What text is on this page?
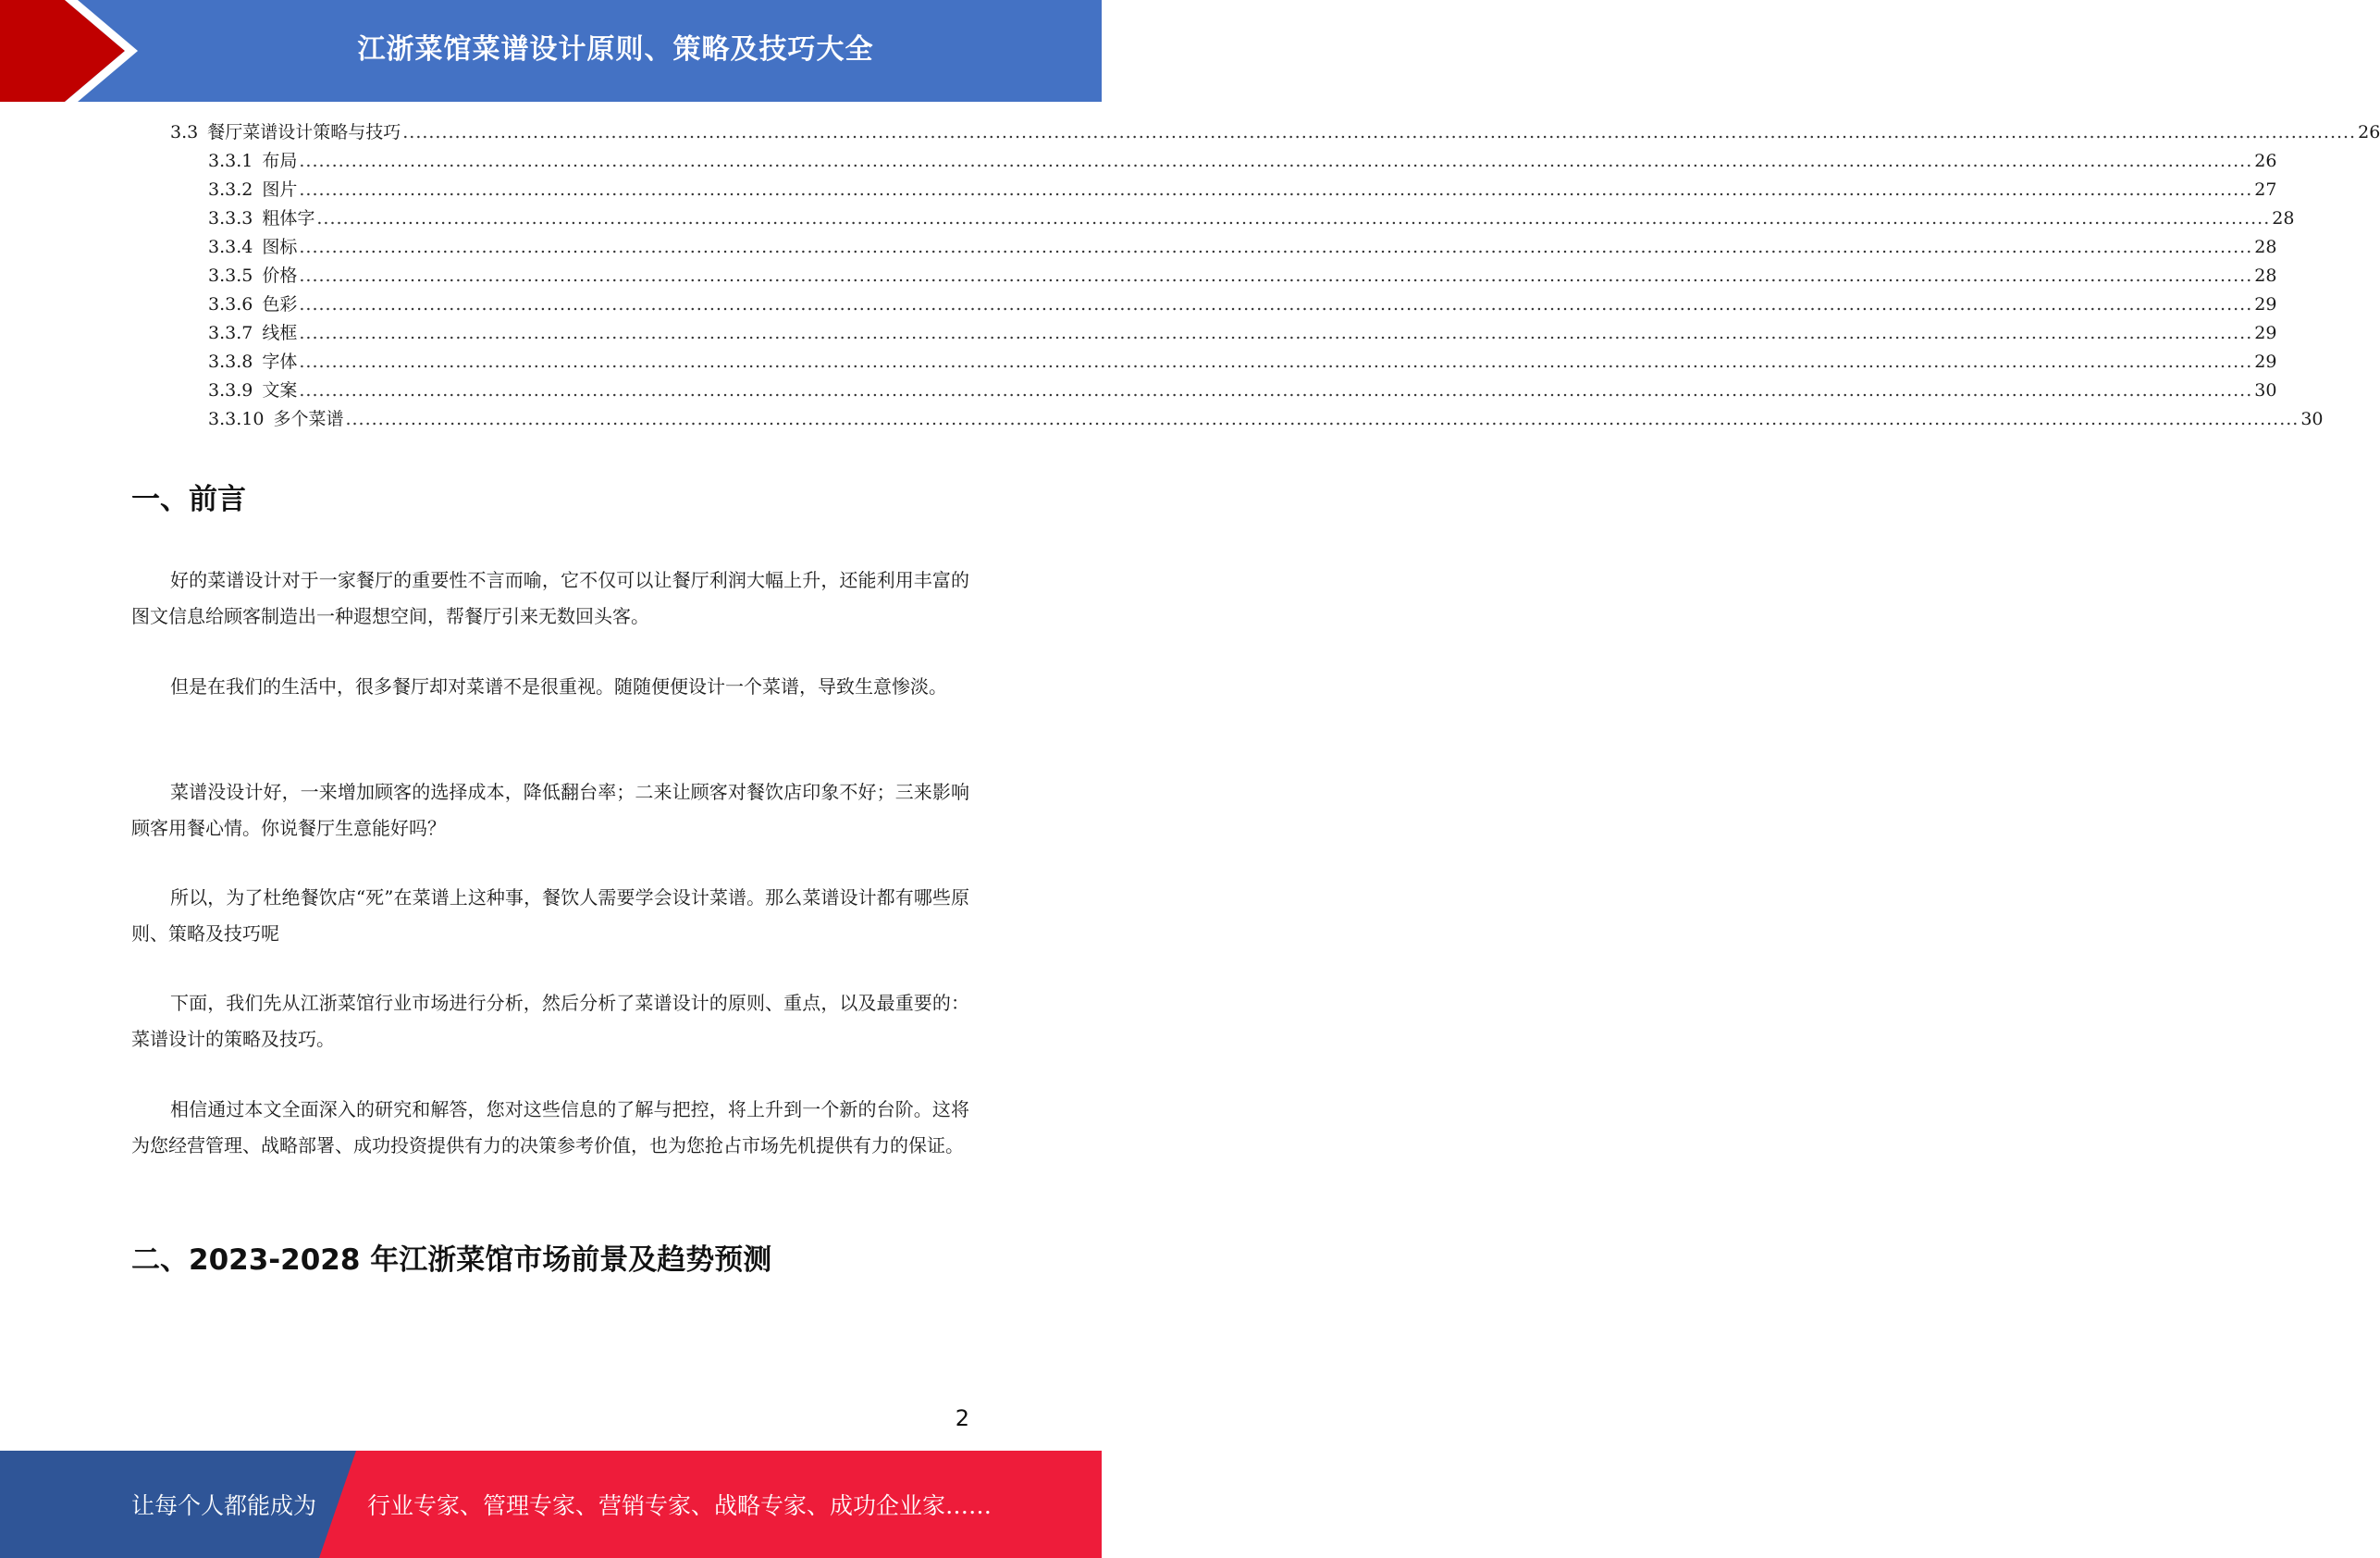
江浙菜馆菜谱设计原则、策略及技巧大全
3.3 餐厅菜谱设计策略与技巧 ............................................................................................................................................................................................................................................................................................................ 26
3.3.1 布局 ............................................................................................................................................................................................................................................................................................................ 26
3.3.2 图片 ............................................................................................................................................................................................................................................................................................................ 27
3.3.3 粗体字 ............................................................................................................................................................................................................................................................................................................ 28
3.3.4 图标 ............................................................................................................................................................................................................................................................................................................ 28
3.3.5 价格 ............................................................................................................................................................................................................................................................................................................ 28
3.3.6 色彩 ............................................................................................................................................................................................................................................................................................................ 29
3.3.7 线框 ............................................................................................................................................................................................................................................................................................................ 29
3.3.8 字体 ............................................................................................................................................................................................................................................................................................................ 29
3.3.9 文案 ............................................................................................................................................................................................................................................................................................................ 30
3.3.10 多个菜谱 ............................................................................................................................................................................................................................................................................................................ 30
一、前言
好的菜谱设计对于一家餐厅的重要性不言而喻，它不仅可以让餐厅利润大幅上升，还能利用丰富的图文信息给顾客制造出一种遐想空间，帮餐厅引来无数回头客。
但是在我们的生活中，很多餐厅却对菜谱不是很重视。随随便便设计一个菜谱，导致生意惨淡。
菜谱没设计好，一来增加顾客的选择成本，降低翻台率；二来让顾客对餐饮店印象不好；三来影响顾客用餐心情。你说餐厅生意能好吗？
所以，为了杜绝餐饮店“死”在菜谱上这种事，餐饮人需要学会设计菜谱。那么菜谱设计都有哪些原则、策略及技巧呢
下面，我们先从江浙菜馆行业市场进行分析，然后分析了菜谱设计的原则、重点，以及最重要的：菜谱设计的策略及技巧。
相信通过本文全面深入的研究和解答，您对这些信息的了解与把控，将上升到一个新的台阶。这将为您经营管理、战略部署、成功投资提供有力的决策参考价值，也为您抢占市场先机提供有力的保证。
二、2023-2028 年江浙菜馆市场前景及趋势预测
2
让每个人都能成为 行业专家、管理专家、营销专家、战略专家、成功企业家……
